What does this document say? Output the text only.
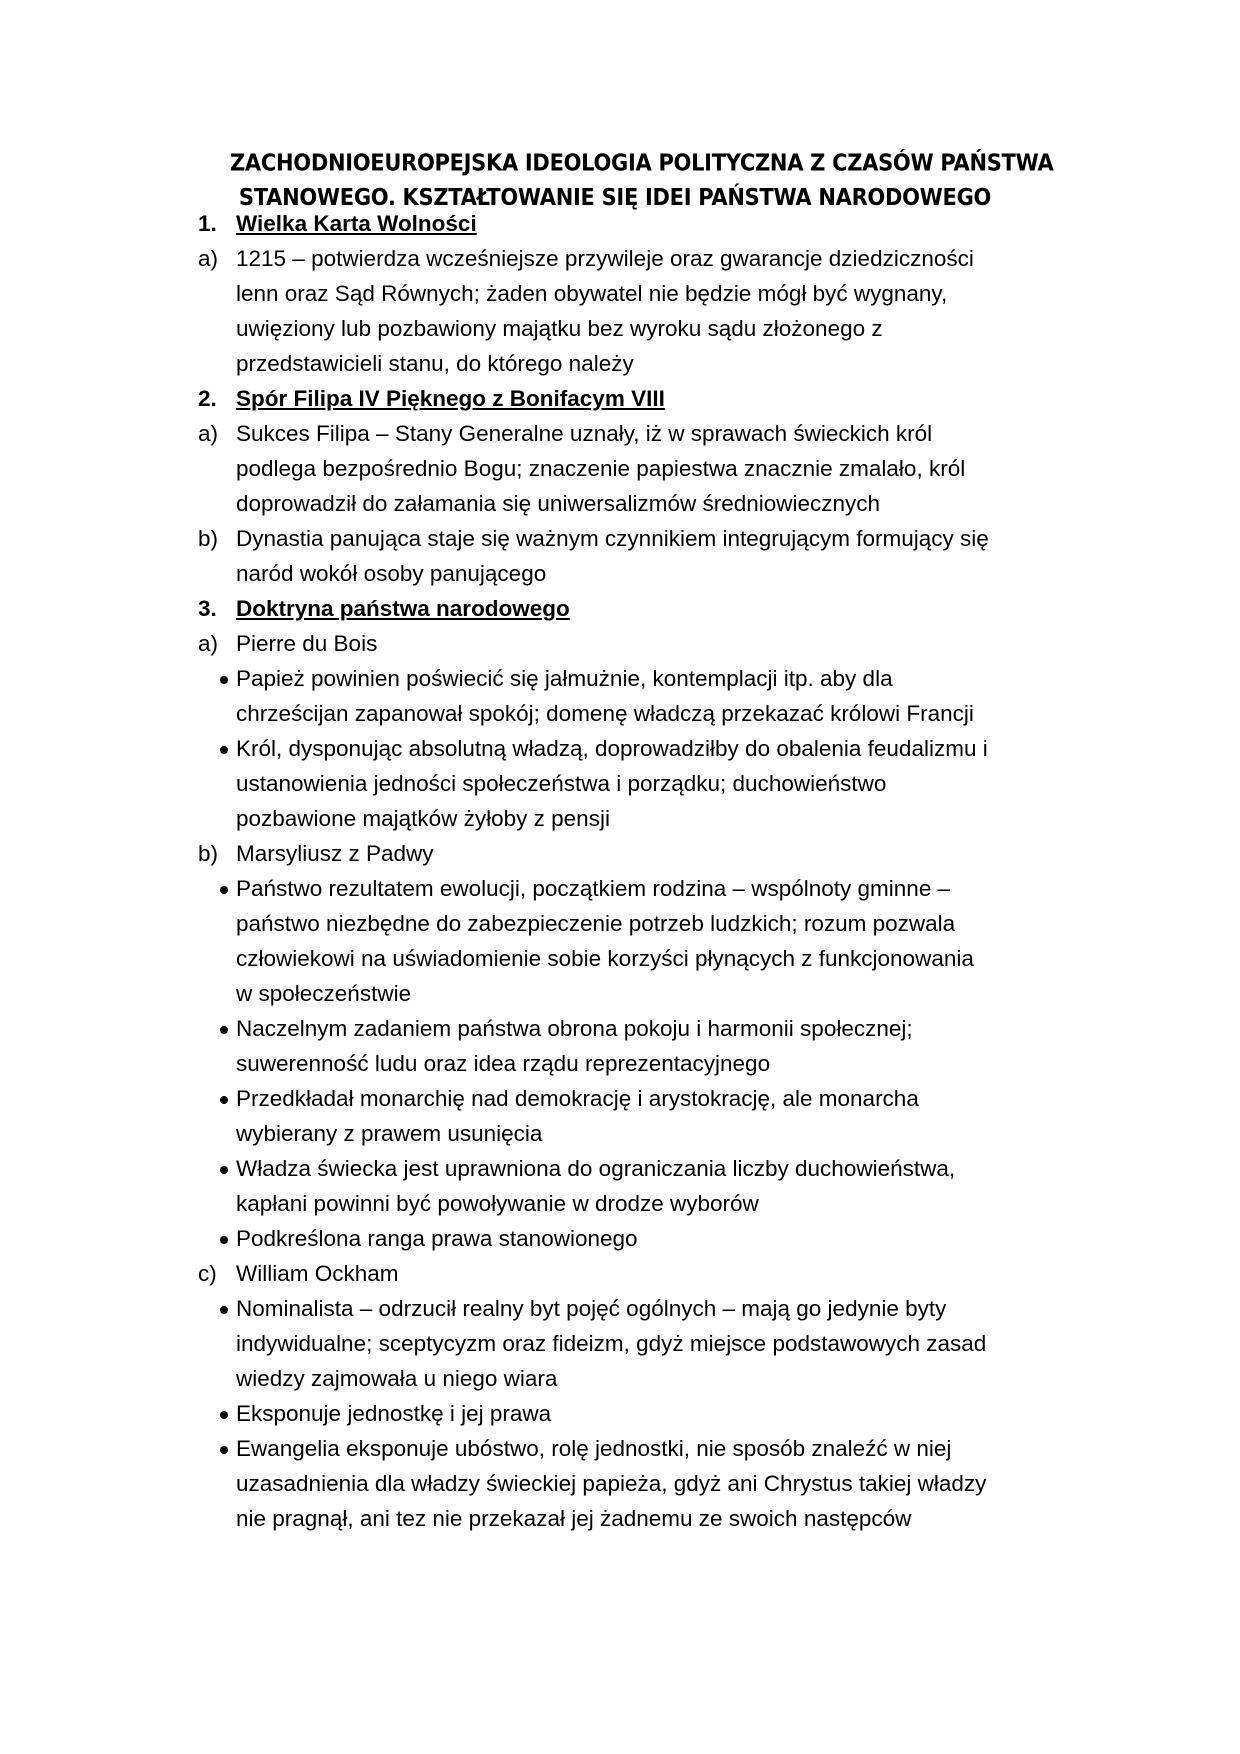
ZACHODNIOEUROPEJSKA IDEOLOGIA POLITYCZNA Z CZASÓW PAŃSTWA
STANOWEGO. KSZTAŁTOWANIE SIĘ IDEI PAŃSTWA NARODOWEGO
1. Wielka Karta Wolności
a) 1215 – potwierdza wcześniejsze przywileje oraz gwarancje dziedziczności
lenn oraz Sąd Równych; żaden obywatel nie będzie mógł być wygnany,
uwięziony lub pozbawiony majątku bez wyroku sądu złożonego z
przedstawicieli stanu, do którego należy
2. Spór Filipa IV Pięknego z Bonifacym VIII
a) Sukces Filipa – Stany Generalne uznały, iż w sprawach świeckich król
podlega bezpośrednio Bogu; znaczenie papiestwa znacznie zmalało, król
doprowadził do załamania się uniwersalizmów średniowiecznych
b) Dynastia panująca staje się ważnym czynnikiem integrującym formujący się
naród wokół osoby panującego
3. Doktryna państwa narodowego
a) Pierre du Bois
Papież powinien poświecić się jałmużnie, kontemplacji itp. aby dla
chrześcijan zapanował spokój; domenę władczą przekazać królowi Francji
Król, dysponując absolutną władzą, doprowadziłby do obalenia feudalizmu i
ustanowienia jedności społeczeństwa i porządku; duchowieństwo
pozbawione majątków żyłoby z pensji
b) Marsyliusz z Padwy
Państwo rezultatem ewolucji, początkiem rodzina – wspólnoty gminne –
państwo niezbędne do zabezpieczenie potrzeb ludzkich; rozum pozwala
człowiekowi na uświadomienie sobie korzyści płynących z funkcjonowania
w społeczeństwie
Naczelnym zadaniem państwa obrona pokoju i harmonii społecznej;
suwerenność ludu oraz idea rządu reprezentacyjnego
Przedkładał monarchię nad demokrację i arystokrację, ale monarcha
wybierany z prawem usunięcia
Władza świecka jest uprawniona do ograniczania liczby duchowieństwa,
kapłani powinni być powoływanie w drodze wyborów
Podkreślona ranga prawa stanowionego
c) William Ockham
Nominalista – odrzucił realny byt pojęć ogólnych – mają go jedynie byty
indywidualne; sceptycyzm oraz fideizm, gdyż miejsce podstawowych zasad
wiedzy zajmowała u niego wiara
Eksponuje jednostkę i jej prawa
Ewangelia eksponuje ubóstwo, rolę jednostki, nie sposób znaleźć w niej
uzasadnienia dla władzy świeckiej papieża, gdyż ani Chrystus takiej władzy
nie pragnął, ani tez nie przekazał jej żadnemu ze swoich następców
